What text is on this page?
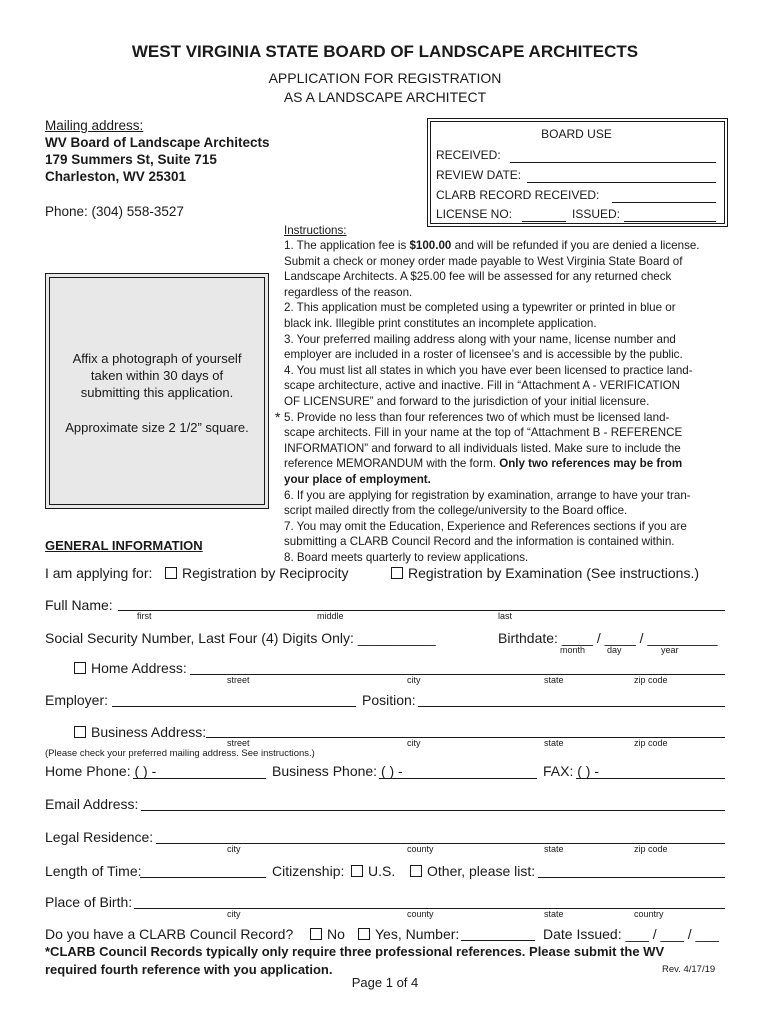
WEST VIRGINIA STATE BOARD OF LANDSCAPE ARCHITECTS
APPLICATION FOR REGISTRATION
AS A LANDSCAPE ARCHITECT
Mailing address:
WV Board of Landscape Architects
179 Summers St, Suite 715
Charleston, WV 25301
Phone: (304) 558-3527
BOARD USE
RECEIVED:
REVIEW DATE:
CLARB RECORD RECEIVED:
LICENSE NO:	ISSUED:
Affix a photograph of yourself
taken within 30 days of
submitting this application.
Approximate size 2 1/2” square.
Instructions:
1. The application fee is $100.00 and will be refunded if you are denied a license.
Submit a check or money order made payable to West Virginia State Board of
Landscape Architects. A $25.00 fee will be assessed for any returned check
regardless of the reason.
2. This application must be completed using a typewriter or printed in blue or
black ink. Illegible print constitutes an incomplete application.
3. Your preferred mailing address along with your name, license number and
employer are included in a roster of licensee’s and is accessible by the public.
4. You must list all states in which you have ever been licensed to practice land-
scape architecture, active and inactive. Fill in “Attachment A - VERIFICATION
OF LICENSURE” and forward to the jurisdiction of your initial licensure.
* 5. Provide no less than four references two of which must be licensed land-
scape architects. Fill in your name at the top of “Attachment B - REFERENCE
INFORMATION” and forward to all individuals listed. Make sure to include the
reference MEMORANDUM with the form. Only two references may be from
your place of employment.
6. If you are applying for registration by examination, arrange to have your tran-
script mailed directly from the college/university to the Board office.
7. You may omit the Education, Experience and References sections if you are
submitting a CLARB Council Record and the information is contained within.
8. Board meets quarterly to review applications.
GENERAL INFORMATION
I am applying for:	Registration by Reciprocity	Registration by Examination (See instructions.)
Full Name:
first	middle	last
Social Security Number, Last Four (4) Digits Only: __________	Birthdate: ____ / ____ / _________
month day	year
Home Address:
street	city	state	zip code
Employer:	Position:
Business Address:
street	city	state	zip code
(Please check your preferred mailing address. See instructions.)
Home Phone: ( ) -	Business Phone: ( ) -	FAX: ( ) -
Email Address:
Legal Residence:
city	county	state	zip code
Length of Time:	Citizenship:	U.S.	Other, please list:
Place of Birth:
city	county	state	country
Do you have a CLARB Council Record?	No	Yes, Number:	Date Issued: ___ / ___ / ___
*CLARB Council Records typically only require three professional references. Please submit the WV
required fourth reference with you application.	Rev. 4/17/19
Page 1 of 4
